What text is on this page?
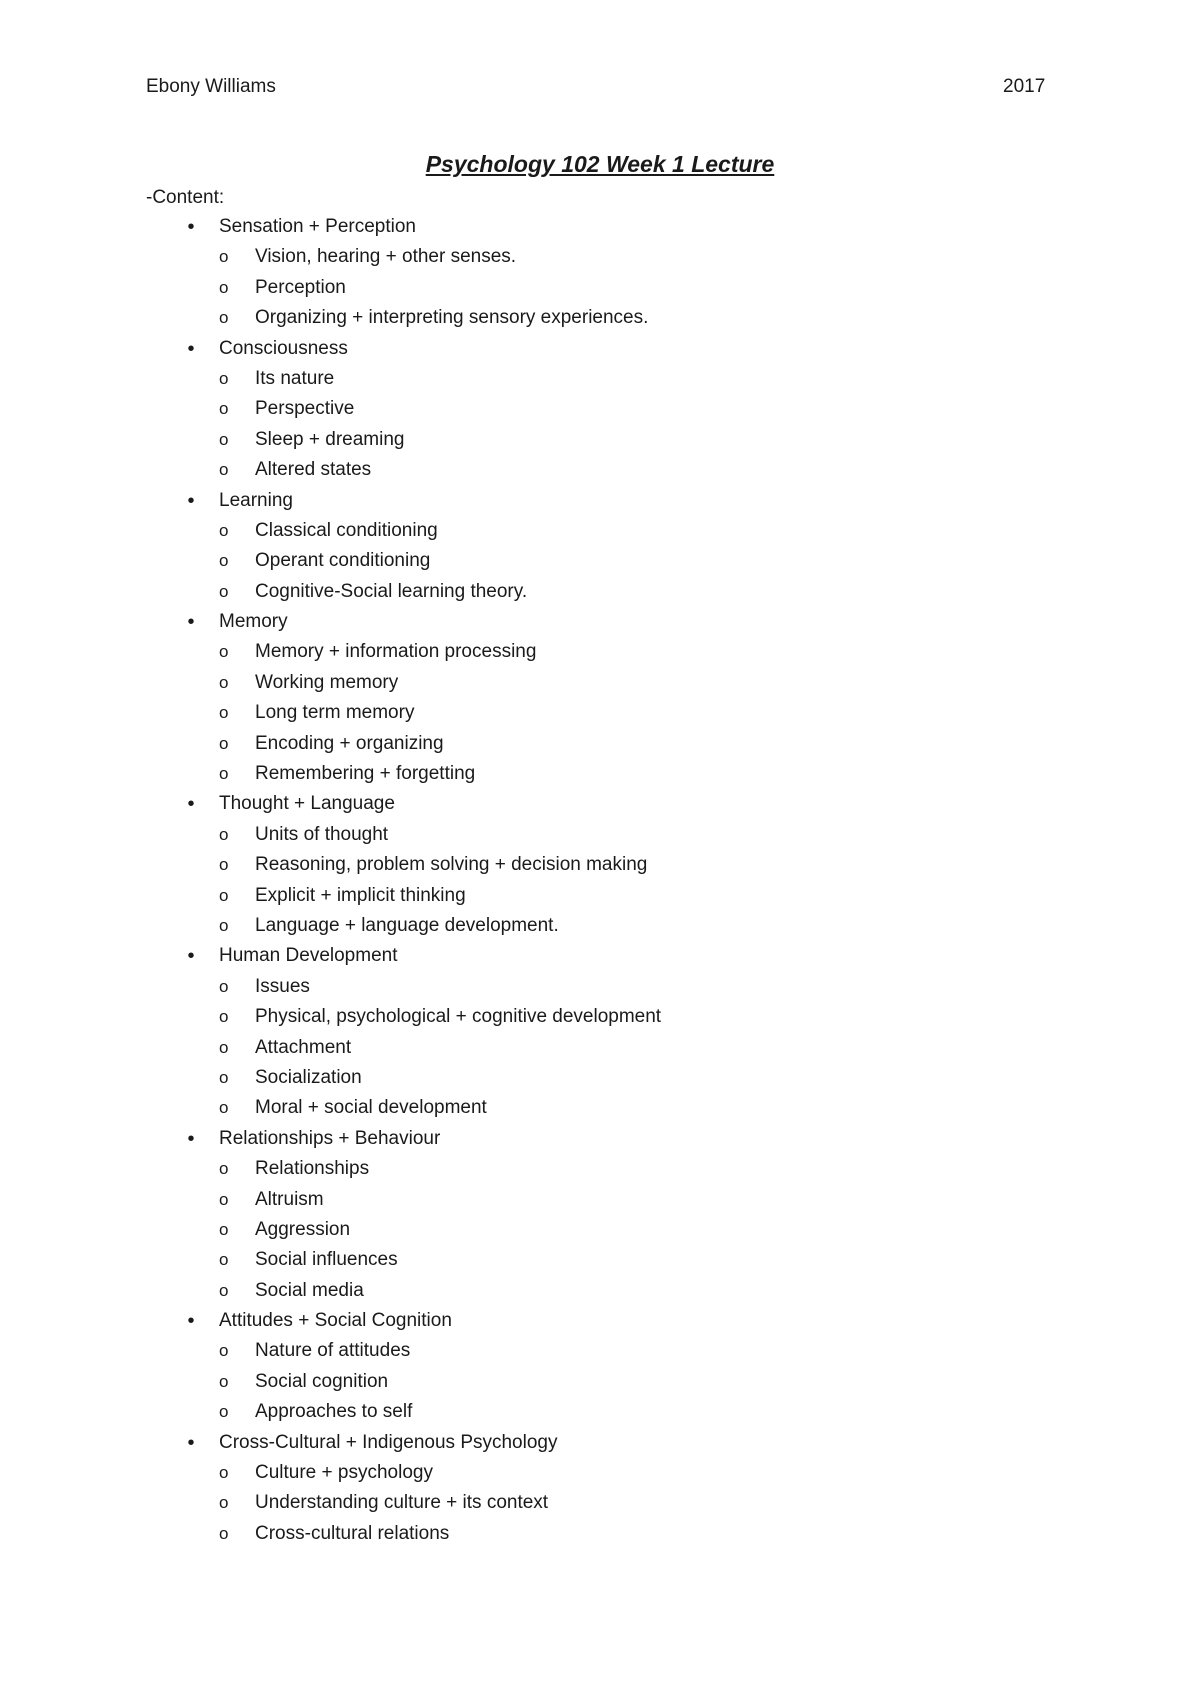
Ebony Williams	2017
Psychology 102 Week 1 Lecture
-Content:
• Sensation + Perception
o Vision, hearing + other senses.
o Perception
o Organizing + interpreting sensory experiences.
• Consciousness
o Its nature
o Perspective
o Sleep + dreaming
o Altered states
• Learning
o Classical conditioning
o Operant conditioning
o Cognitive-Social learning theory.
• Memory
o Memory + information processing
o Working memory
o Long term memory
o Encoding + organizing
o Remembering + forgetting
• Thought + Language
o Units of thought
o Reasoning, problem solving + decision making
o Explicit + implicit thinking
o Language + language development.
• Human Development
o Issues
o Physical, psychological + cognitive development
o Attachment
o Socialization
o Moral + social development
• Relationships + Behaviour
o Relationships
o Altruism
o Aggression
o Social influences
o Social media
• Attitudes + Social Cognition
o Nature of attitudes
o Social cognition
o Approaches to self
• Cross-Cultural + Indigenous Psychology
o Culture + psychology
o Understanding culture + its context
o Cross-cultural relations
